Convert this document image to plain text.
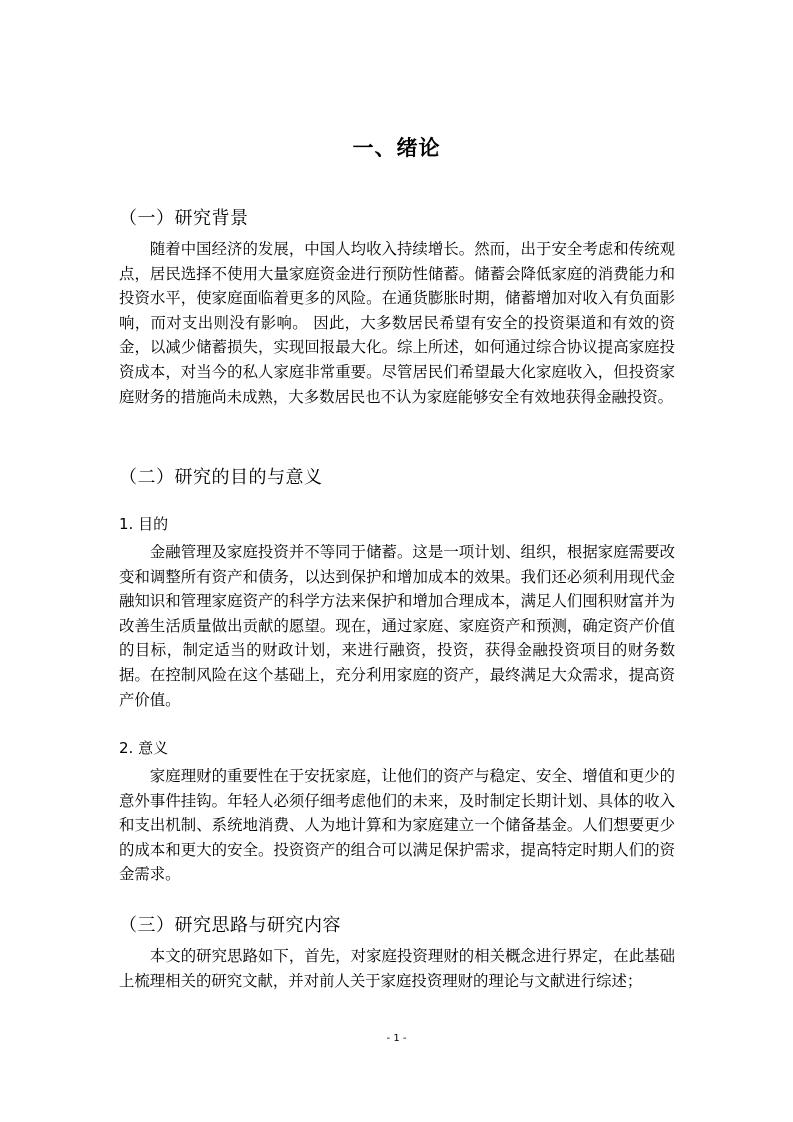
一、绪论
（一）研究背景

随着中国经济的发展，中国人均收入持续增长。然而，出于安全考虑和传统观点，居民选择不使用大量家庭资金进行预防性储蓄。储蓄会降低家庭的消费能力和投资水平，使家庭面临着更多的风险。在通货膨胀时期，储蓄增加对收入有负面影响，而对支出则没有影响。 因此，大多数居民希望有安全的投资渠道和有效的资金，以减少储蓄损失，实现回报最大化。综上所述，如何通过综合协议提高家庭投资成本，对当今的私人家庭非常重要。尽管居民们希望最大化家庭收入，但投资家庭财务的措施尚未成熟，大多数居民也不认为家庭能够安全有效地获得金融投资。

（二）研究的目的与意义
1. 目的

金融管理及家庭投资并不等同于储蓄。这是一项计划、组织，根据家庭需要改变和调整所有资产和债务，以达到保护和增加成本的效果。我们还必须利用现代金融知识和管理家庭资产的科学方法来保护和增加合理成本，满足人们囤积财富并为改善生活质量做出贡献的愿望。现在，通过家庭、家庭资产和预测，确定资产价值的目标，制定适当的财政计划，来进行融资，投资，获得金融投资项目的财务数据。在控制风险在这个基础上，充分利用家庭的资产，最终满足大众需求，提高资产价值。

2. 意义

家庭理财的重要性在于安抚家庭，让他们的资产与稳定、安全、增值和更少的意外事件挂钩。年轻人必须仔细考虑他们的未来，及时制定长期计划、具体的收入和支出机制、系统地消费、人为地计算和为家庭建立一个储备基金。人们想要更少的成本和更大的安全。投资资产的组合可以满足保护需求，提高特定时期人们的资金需求。

（三）研究思路与研究内容

本文的研究思路如下，首先，对家庭投资理财的相关概念进行界定，在此基础上梳理相关的研究文献，并对前人关于家庭投资理财的理论与文献进行综述；

- 1 -
